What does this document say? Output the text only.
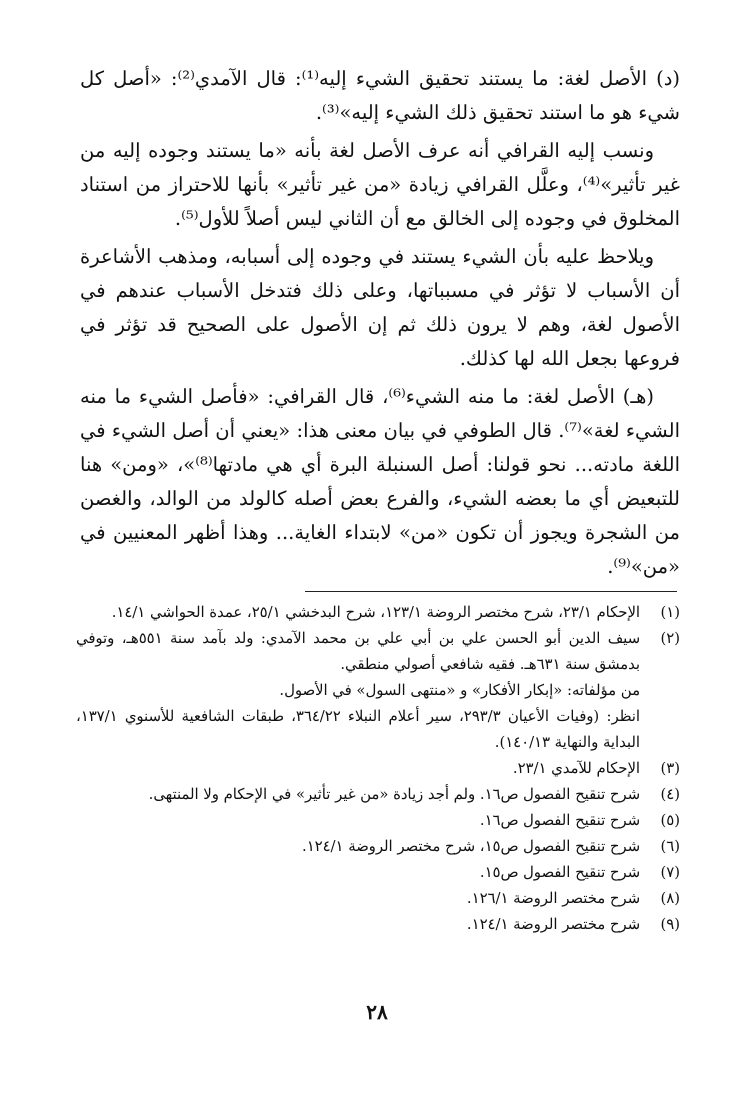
(د) الأصل لغة: ما يستند تحقيق الشيء إليه⁽¹⁾: قال الآمدي⁽²⁾: «أصل كل شيء هو ما استند تحقيق ذلك الشيء إليه»⁽³⁾.

ونسب إليه القرافي أنه عرف الأصل لغة بأنه «ما يستند وجوده إليه من غير تأثير»⁽⁴⁾، وعلَّل القرافي زيادة «من غير تأثير» بأنها للاحتراز من استناد المخلوق في وجوده إلى الخالق مع أن الثاني ليس أصلاً للأول⁽⁵⁾.

ويلاحظ عليه بأن الشيء يستند في وجوده إلى أسبابه، ومذهب الأشاعرة أن الأسباب لا تؤثر في مسبباتها، وعلى ذلك فتدخل الأسباب عندهم في الأصول لغة، وهم لا يرون ذلك ثم إن الأصول على الصحيح قد تؤثر في فروعها بجعل الله لها كذلك.

(هـ) الأصل لغة: ما منه الشيء⁽⁶⁾، قال القرافي: «فأصل الشيء ما منه الشيء لغة»⁽⁷⁾. قال الطوفي في بيان معنى هذا: «يعني أن أصل الشيء في اللغة مادته... نحو قولنا: أصل السنبلة البرة أي هي مادتها⁽⁸⁾»، «ومن» هنا للتبعيض أي ما بعضه الشيء، والفرع بعض أصله كالولد من الوالد، والغصن من الشجرة ويجوز أن تكون «من» لابتداء الغاية... وهذا أظهر المعنيين في «من»⁽⁹⁾.

(١)
الإحكام ٢٣/١، شرح مختصر الروضة ١٢٣/١، شرح البدخشي ٢٥/١، عمدة الحواشي ١٤/١.
(٢)
سيف الدين أبو الحسن علي بن أبي علي بن محمد الآمدي: ولد بآمد سنة ٥٥١هـ، وتوفي بدمشق سنة ٦٣١هـ. فقيه شافعي أصولي منطقي.
من مؤلفاته: «إبكار الأفكار» و «منتهى السول» في الأصول.
انظر: (وفيات الأعيان ٢٩٣/٣، سير أعلام النبلاء ٣٦٤/٢٢، طبقات الشافعية للأسنوي ١٣٧/١، البداية والنهاية ١٤٠/١٣).
(٣)
الإحكام للآمدي ٢٣/١.
(٤)
شرح تنقيح الفصول ص١٦. ولم أجد زيادة «من غير تأثير» في الإحكام ولا المنتهى.
(٥)
شرح تنقيح الفصول ص١٦.
(٦)
شرح تنقيح الفصول ص١٥، شرح مختصر الروضة ١٢٤/١.
(٧)
شرح تنقيح الفصول ص١٥.
(٨)
شرح مختصر الروضة ١٢٦/١.
(٩)
شرح مختصر الروضة ١٢٤/١.
٢٨
